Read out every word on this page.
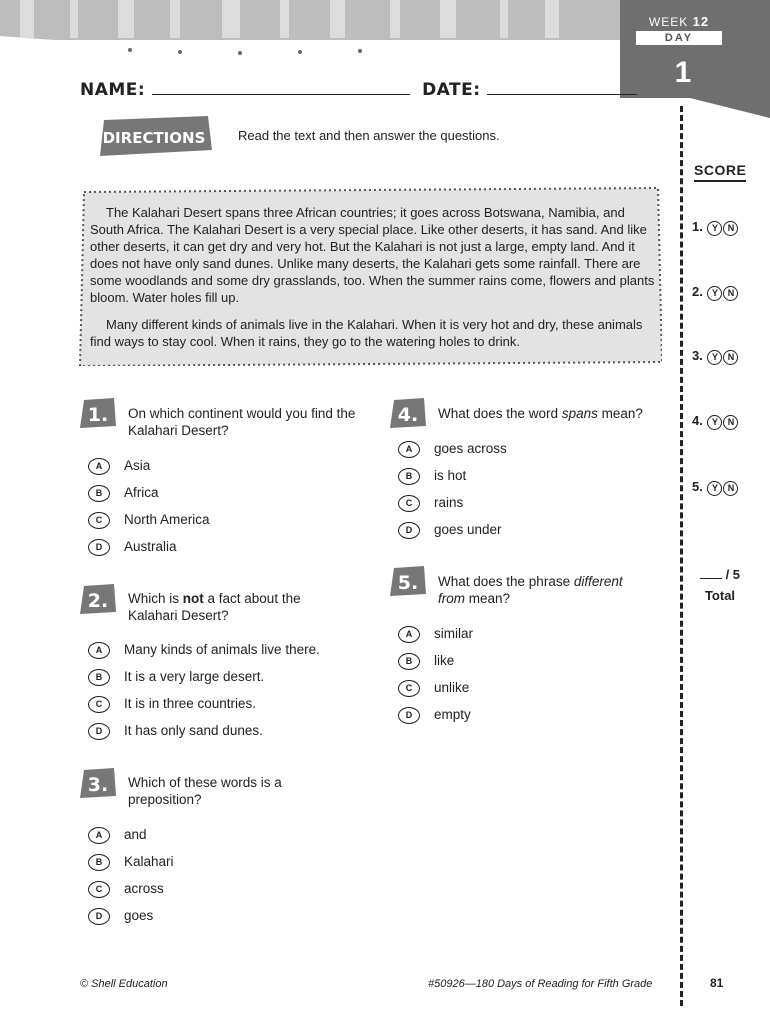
WEEK 12
DAY
1
NAME:	DATE:
DIRECTIONS	Read the text and then answer the questions.
SCORE
1. Y N
2. Y N
3. Y N
4. Y N
5. Y N
/ 5
Total

The Kalahari Desert spans three African countries; it goes across Botswana, Namibia, and South Africa. The Kalahari Desert is a very special place. Like other deserts, it has sand. And like other deserts, it can get dry and very hot. But the Kalahari is not just a large, empty land. And it does not have only sand dunes. Unlike many deserts, the Kalahari gets some rainfall. There are some woodlands and some dry grasslands, too. When the summer rains come, flowers and plants bloom. Water holes fill up.

Many different kinds of animals live in the Kalahari. When it is very hot and dry, these animals find ways to stay cool. When it rains, they go to the watering holes to drink.

1. On which continent would you find the Kalahari Desert?
A Asia
B Africa
C North America
D Australia
2. Which is not a fact about the Kalahari Desert?
A Many kinds of animals live there.
B It is a very large desert.
C It is in three countries.
D It has only sand dunes.
3. Which of these words is a preposition?
A and
B Kalahari
C across
D goes
4. What does the word spans mean?
A goes across
B is hot
C rains
D goes under
5. What does the phrase different from mean?
A similar
B like
C unlike
D empty
© Shell Education	#50926—180 Days of Reading for Fifth Grade	81
